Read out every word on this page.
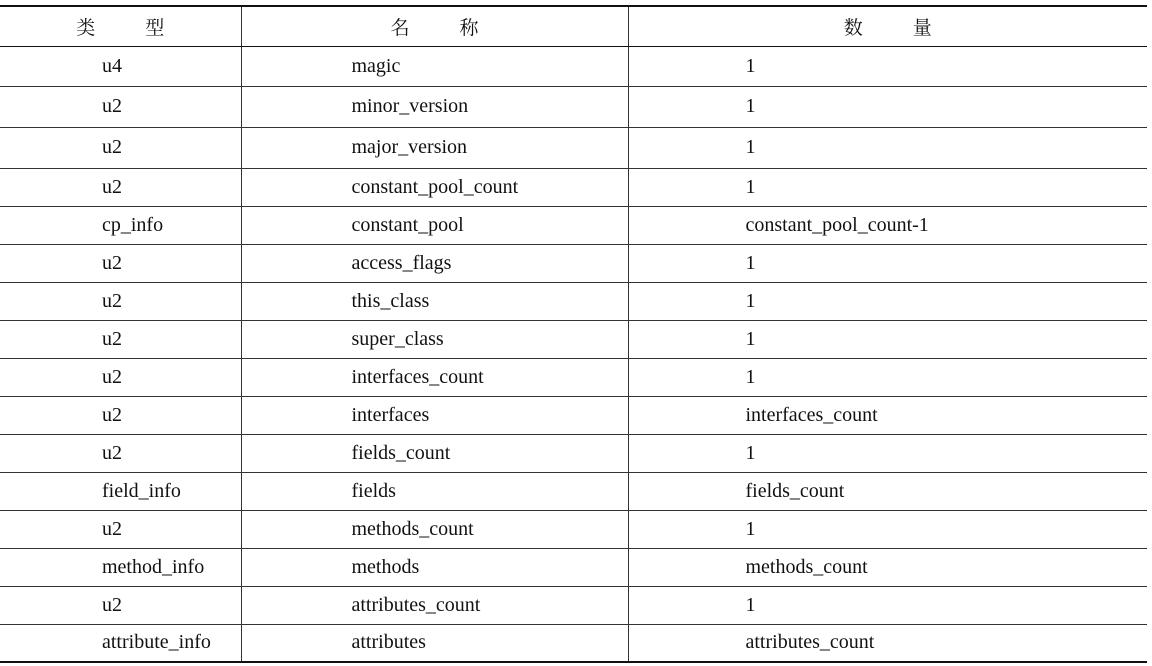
类 型	名 称	数 量
u4	magic	1
u2	minor_version	1
u2	major_version	1
u2	constant_pool_count	1
cp_info	constant_pool	constant_pool_count-1
u2	access_flags	1
u2	this_class	1
u2	super_class	1
u2	interfaces_count	1
u2	interfaces	interfaces_count
u2	fields_count	1
field_info	fields	fields_count
u2	methods_count	1
method_info	methods	methods_count
u2	attributes_count	1
attribute_info	attributes	attributes_count
